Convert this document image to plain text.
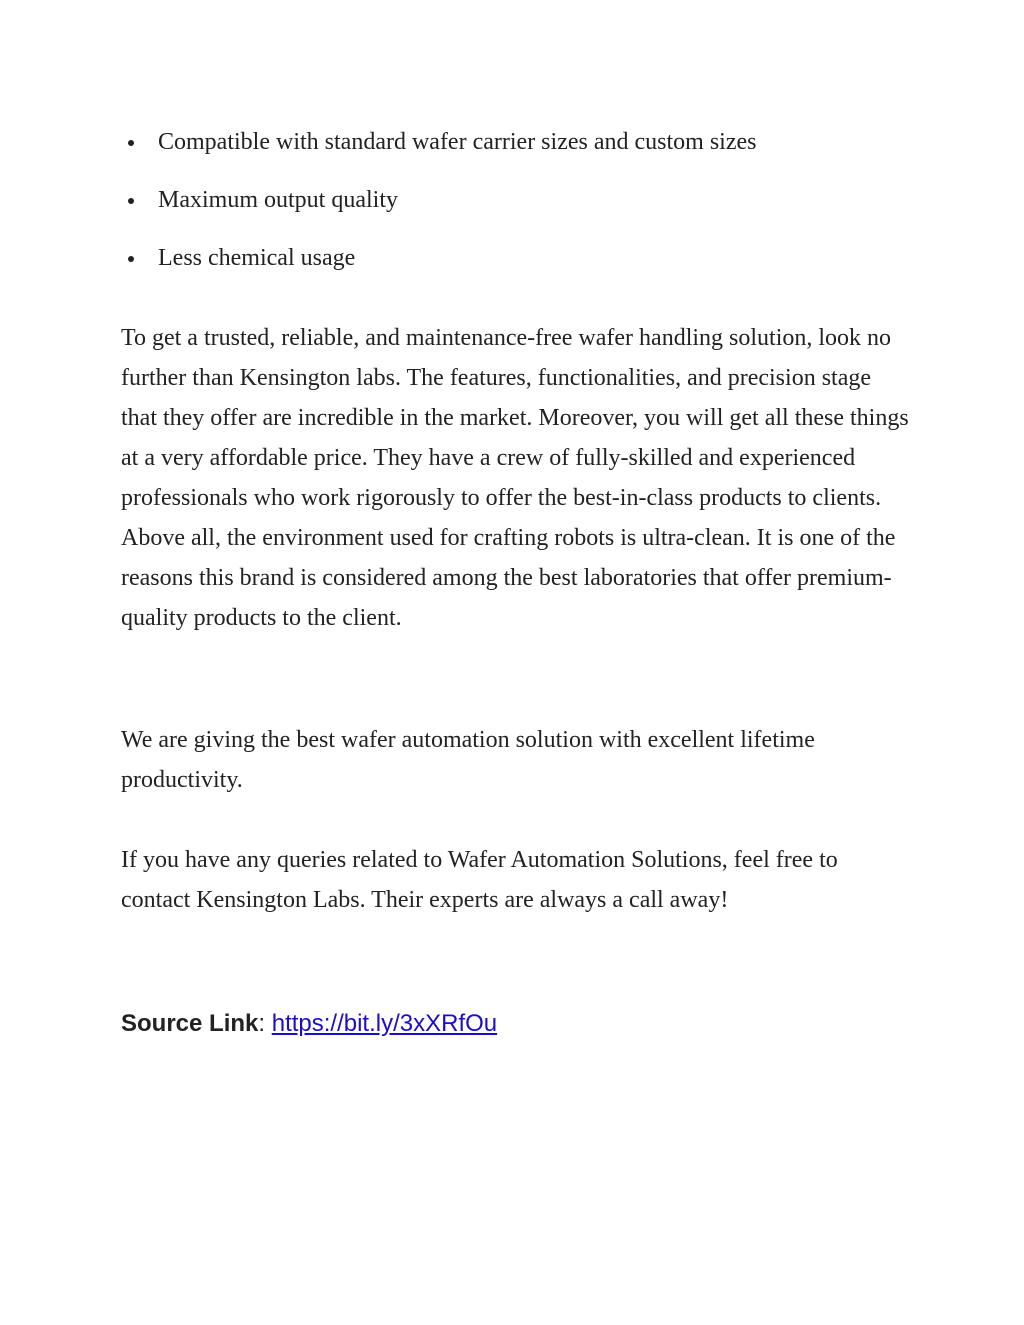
Compatible with standard wafer carrier sizes and custom sizes
Maximum output quality
Less chemical usage

To get a trusted, reliable, and maintenance-free wafer handling solution, look no further than Kensington labs. The features, functionalities, and precision stage that they offer are incredible in the market. Moreover, you will get all these things at a very affordable price. They have a crew of fully-skilled and experienced professionals who work rigorously to offer the best-in-class products to clients. Above all, the environment used for crafting robots is ultra-clean. It is one of the reasons this brand is considered among the best laboratories that offer premium-quality products to the client.

We are giving the best wafer automation solution with excellent lifetime productivity.

If you have any queries related to Wafer Automation Solutions, feel free to contact Kensington Labs. Their experts are always a call away!

Source Link: https://bit.ly/3xXRfOu
